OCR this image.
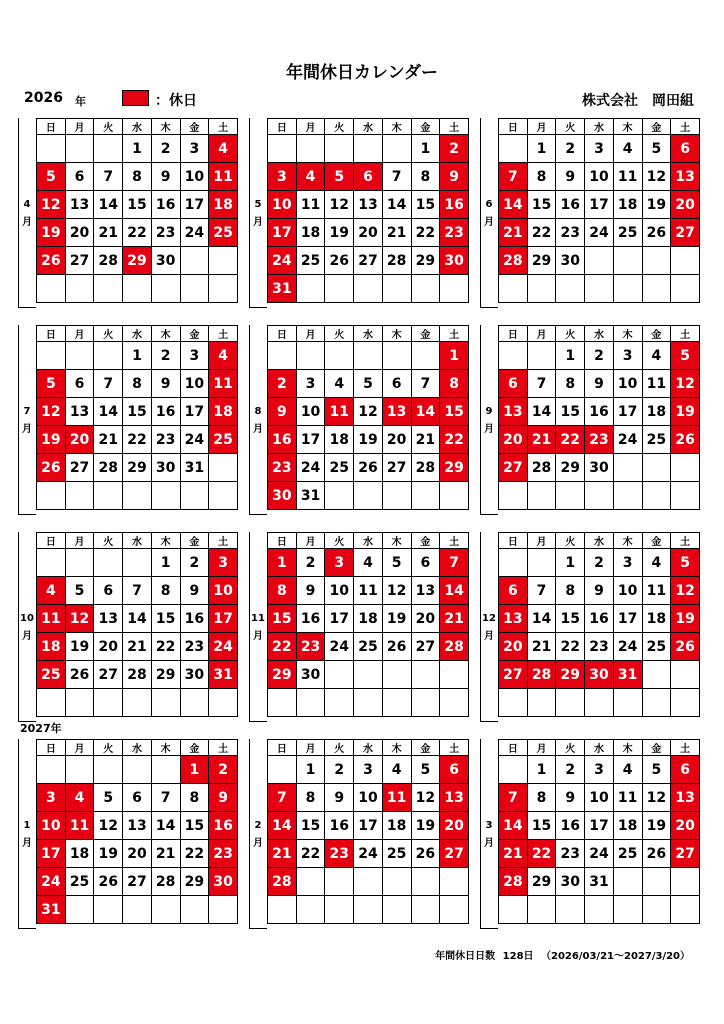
年間休日カレンダー
2026 年	：休日	株式会社　岡田組
2027年
4
月
日	月	火	水	木	金	土
			1	2	3	4
5	6	7	8	9	10	11
12	13	14	15	16	17	18
19	20	21	22	23	24	25
26	27	28	29	30		

5
月
日	月	火	水	木	金	土
					1	2
3	4	5	6	7	8	9
10	11	12	13	14	15	16
17	18	19	20	21	22	23
24	25	26	27	28	29	30
31						
6
月
日	月	火	水	木	金	土
	1	2	3	4	5	6
7	8	9	10	11	12	13
14	15	16	17	18	19	20
21	22	23	24	25	26	27
28	29	30				

7
月
日	月	火	水	木	金	土
			1	2	3	4
5	6	7	8	9	10	11
12	13	14	15	16	17	18
19	20	21	22	23	24	25
26	27	28	29	30	31	

8
月
日	月	火	水	木	金	土
						1
2	3	4	5	6	7	8
9	10	11	12	13	14	15
16	17	18	19	20	21	22
23	24	25	26	27	28	29
30	31					
9
月
日	月	火	水	木	金	土
		1	2	3	4	5
6	7	8	9	10	11	12
13	14	15	16	17	18	19
20	21	22	23	24	25	26
27	28	29	30			

10
月
日	月	火	水	木	金	土
				1	2	3
4	5	6	7	8	9	10
11	12	13	14	15	16	17
18	19	20	21	22	23	24
25	26	27	28	29	30	31

11
月
日	月	火	水	木	金	土
1	2	3	4	5	6	7
8	9	10	11	12	13	14
15	16	17	18	19	20	21
22	23	24	25	26	27	28
29	30					

12
月
日	月	火	水	木	金	土
		1	2	3	4	5
6	7	8	9	10	11	12
13	14	15	16	17	18	19
20	21	22	23	24	25	26
27	28	29	30	31		

1
月
日	月	火	水	木	金	土
					1	2
3	4	5	6	7	8	9
10	11	12	13	14	15	16
17	18	19	20	21	22	23
24	25	26	27	28	29	30
31						
2
月
日	月	火	水	木	金	土
	1	2	3	4	5	6
7	8	9	10	11	12	13
14	15	16	17	18	19	20
21	22	23	24	25	26	27
28						

3
月
日	月	火	水	木	金	土
	1	2	3	4	5	6
7	8	9	10	11	12	13
14	15	16	17	18	19	20
21	22	23	24	25	26	27
28	29	30	31			

年間休日日数 128日 （2026/03/21～2027/3/20）
